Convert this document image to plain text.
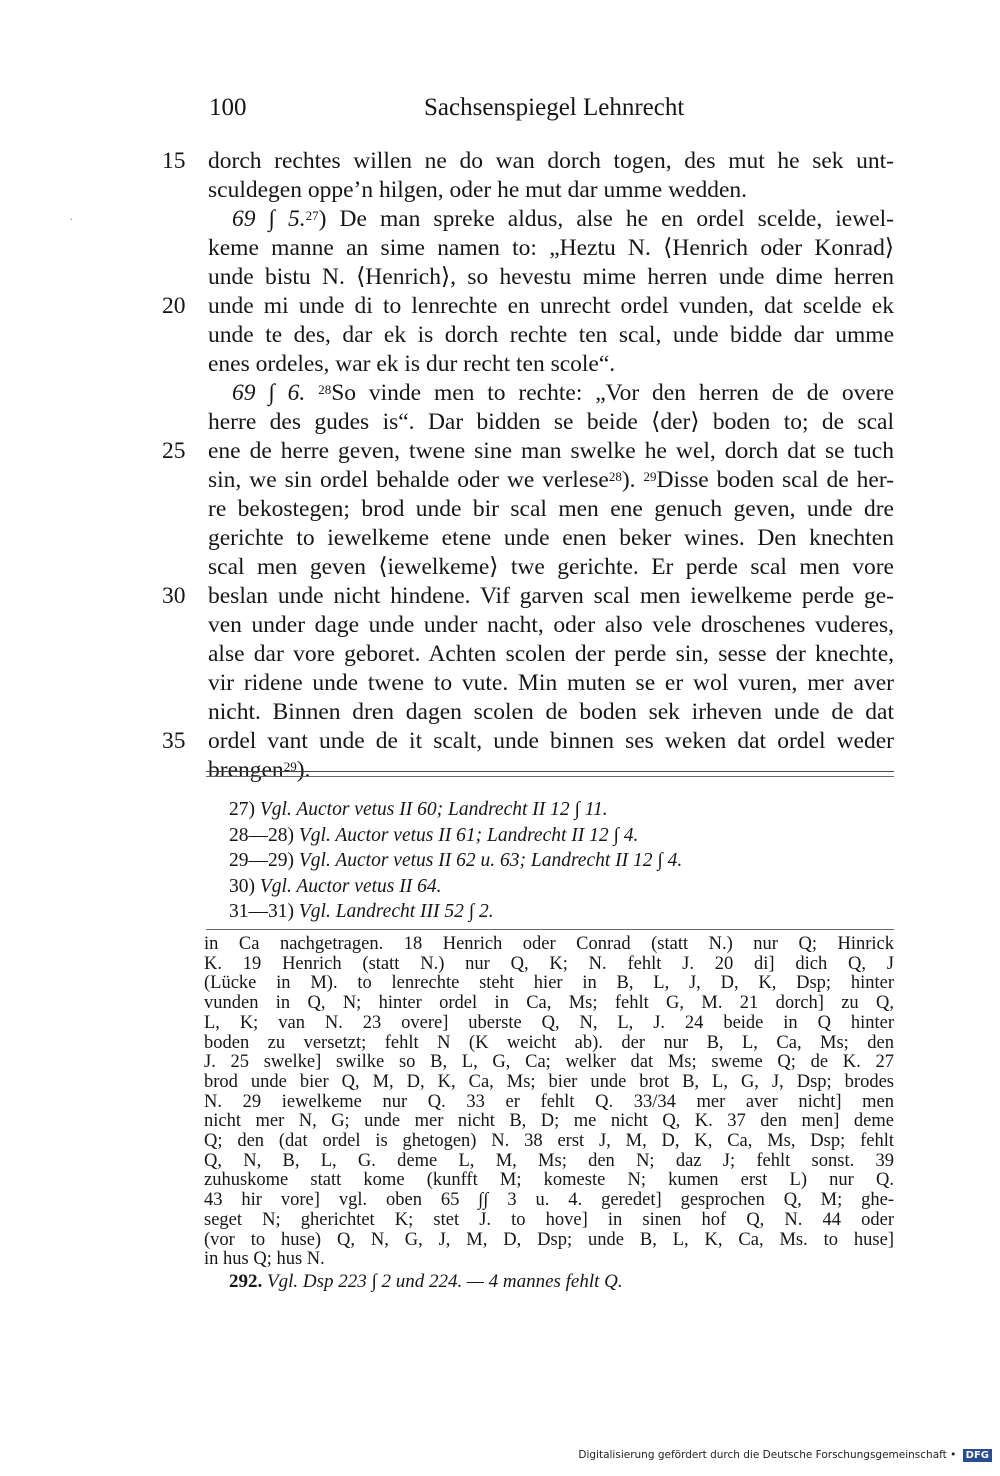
100	Sachsenspiegel Lehnrecht
.
15 dorch rechtes willen ne do wan dorch togen, des mut he sek unt-
sculdegen oppe’n hilgen, oder he mut dar umme wedden.
69 ∫ 5.27) De man spreke aldus, alse he en ordel scelde, iewel-
keme manne an sime namen to: „Heztu N. ⟨Henrich oder Konrad⟩
unde bistu N. ⟨Henrich⟩, so hevestu mime herren unde dime herren
20 unde mi unde di to lenrechte en unrecht ordel vunden, dat scelde ek
unde te des, dar ek is dorch rechte ten scal, unde bidde dar umme
enes ordeles, war ek is dur recht ten scole“.
69 ∫ 6. $^{28}$So vinde men to rechte: „Vor den herren de de overe
herre des gudes is“. Dar bidden se beide ⟨der⟩ boden to; de scal
25 ene de herre geven, twene sine man swelke he wel, dorch dat se tuch
sin, we sin ordel behalde oder we verlese$^{28}$). $^{29}$Disse boden scal de her-
re bekostegen; brod unde bir scal men ene genuch geven, unde dre
gerichte to iewelkeme etene unde enen beker wines. Den knechten
scal men geven ⟨iewelkeme⟩ twe gerichte. Er perde scal men vore
30 beslan unde nicht hindene. Vif garven scal men iewelkeme perde ge-
ven under dage unde under nacht, oder also vele droschenes vuderes,
alse dar vore geboret. Achten scolen der perde sin, sesse der knechte,
vir ridene unde twene to vute. Min muten se er wol vuren, mer aver
nicht. Binnen dren dagen scolen de boden sek irheven unde de dat
35 ordel vant unde de it scalt, unde binnen ses weken dat ordel weder
brengen$^{29}$).
27) Vgl. Auctor vetus II 60; Landrecht II 12 ∫ 11.
28—28) Vgl. Auctor vetus II 61; Landrecht II 12 ∫ 4.
29—29) Vgl. Auctor vetus II 62 u. 63; Landrecht II 12 ∫ 4.
30) Vgl. Auctor vetus II 64.
31—31) Vgl. Landrecht III 52 ∫ 2.
in Ca nachgetragen. 18 Henrich oder Conrad (statt N.) nur Q; Hinrick
K. 19 Henrich (statt N.) nur Q, K; N. fehlt J. 20 di] dich Q, J
(Lücke in M). to lenrechte steht hier in B, L, J, D, K, Dsp; hinter
vunden in Q, N; hinter ordel in Ca, Ms; fehlt G, M. 21 dorch] zu Q,
L, K; van N. 23 overe] uberste Q, N, L, J. 24 beide in Q hinter
boden zu versetzt; fehlt N (K weicht ab). der nur B, L, Ca, Ms; den
J. 25 swelke] swilke so B, L, G, Ca; welker dat Ms; sweme Q; de K. 27
brod unde bier Q, M, D, K, Ca, Ms; bier unde brot B, L, G, J, Dsp; brodes
N. 29 iewelkeme nur Q. 33 er fehlt Q. 33/34 mer aver nicht] men
nicht mer N, G; unde mer nicht B, D; me nicht Q, K. 37 den men] deme
Q; den (dat ordel is ghetogen) N. 38 erst J, M, D, K, Ca, Ms, Dsp; fehlt
Q, N, B, L, G. deme L, M, Ms; den N; daz J; fehlt sonst. 39
zuhuskome statt kome (kunfft M; komeste N; kumen erst L) nur Q.
43 hir vore] vgl. oben 65 ∫∫ 3 u. 4. geredet] gesprochen Q, M; ghe-
seget N; gherichtet K; stet J. to hove] in sinen hof Q, N. 44 oder
(vor to huse) Q, N, G, J, M, D, Dsp; unde B, L, K, Ca, Ms. to huse]
in hus Q; hus N.
292. Vgl. Dsp 223 ∫ 2 und 224. — 4 mannes fehlt Q.
Digitalisierung gefördert durch die Deutsche Forschungsgemeinschaft • DFG
